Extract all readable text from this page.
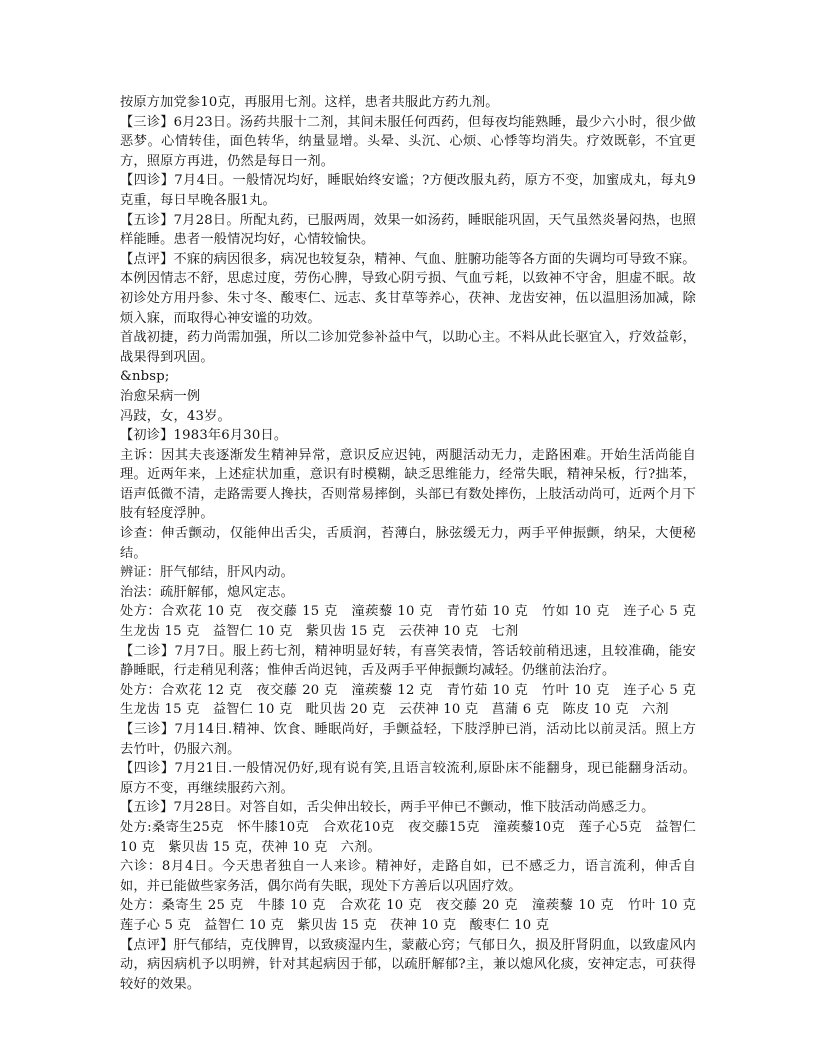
按原方加党参10克，再服用七剂。这样，患者共服此方药九剂。

【三诊】6月23日。汤药共服十二剂，其间未服任何西药，但每夜均能熟睡，最少六小时，很少做恶梦。心情转佳，面色转华，纳量显增。头晕、头沉、心烦、心悸等均消失。疗效既彰，不宜更方，照原方再进，仍然是每日一剂。

【四诊】7月4日。一般情况均好，睡眠始终安谧；?方便改服丸药，原方不变，加蜜成丸，每丸9克重，每日早晚各服1丸。

【五诊】7月28日。所配丸药，已服两周，效果一如汤药，睡眠能巩固，天气虽然炎暑闷热，也照样能睡。患者一般情况均好，心情较愉快。

【点评】不寐的病因很多，病况也较复杂，精神、气血、脏腑功能等各方面的失调均可导致不寐。

本例因情志不舒，思虑过度，劳伤心脾，导致心阴亏损、气血亏耗，以致神不守舍，胆虚不眠。故初诊处方用丹参、朱寸冬、酸枣仁、远志、炙甘草等养心，茯神、龙齿安神，伍以温胆汤加减，除烦入寐，而取得心神安谧的功效。

首战初捷，药力尚需加强，所以二诊加党参补益中气，以助心主。不料从此长驱宜入，疗效益彰，战果得到巩固。

&nbsp;

治愈呆病一例

冯跂，女，43岁。

【初诊】1983年6月30日。

主诉：因其夫丧逐渐发生精神异常，意识反应迟钝，两腿活动无力，走路困难。开始生活尚能自理。近两年来，上述症状加重，意识有时模糊，缺乏思维能力，经常失眠，精神呆板，行?拙苯，语声低微不清，走路需要人搀扶，否则常易摔倒，头部已有数处摔伤，上肢活动尚可，近两个月下肢有轻度浮肿。

诊查：伸舌颤动，仅能伸出舌尖，舌质润，苔薄白，脉弦缓无力，两手平伸振颤，纳呆，大便秘结。

辨证：肝气郁结，肝风内动。

治法：疏肝解郁，熄风定志。

处方：合欢花 10 克　夜交藤 15 克　潼蒺藜 10 克　青竹茹 10 克　竹如 10 克　连子心 5 克　生龙齿 15 克　益智仁 10 克　紫贝齿 15 克　云茯神 10 克　七剂

【二诊】7月7日。服上药七剂，精神明显好转，有喜笑表情，答话较前稍迅速，且较准确，能安静睡眠，行走稍见利落；惟伸舌尚迟钝，舌及两手平伸振颤均减轻。仍继前法治疗。

处方：合欢花 12 克　夜交藤 20 克　潼蒺藜 12 克　青竹茹 10 克　竹叶 10 克　连子心 5 克　生龙齿 15 克　益智仁 10 克　毗贝齿 20 克　云茯神 10 克　菖蒲 6 克　陈皮 10 克　六剂

【三诊】7月14日.精神、饮食、睡眠尚好，手颤益轻，下肢浮肿已消，活动比以前灵活。照上方去竹叶，仍服六剂。

【四诊】7月21日.一般情况仍好,现有说有笑,且语言较流利,原卧床不能翻身，现已能翻身活动。原方不变，再继续服药六剂。

【五诊】7月28日。对答自如，舌尖伸出较长，两手平伸已不颤动，惟下肢活动尚感乏力。

处方:桑寄生25克　怀牛膝10克　合欢花10克　夜交藤15克　潼蒺藜10克　莲子心5克　益智仁 10 克　紫贝齿 15 克，茯神 10 克　六剂。

六诊：8月4日。今天患者独自一人来诊。精神好，走路自如，已不感乏力，语言流利，伸舌自如，并已能做些家务活，偶尔尚有失眠，现处下方善后以巩固疗效。

处方：桑寄生 25 克　牛膝 10 克　合欢花 10 克　夜交藤 20 克　潼蒺藜 10 克　竹叶 10 克　莲子心 5 克　益智仁 10 克　紫贝齿 15 克　茯神 10 克　酸枣仁 10 克

【点评】肝气郁结，克伐脾胃，以致痰湿内生，蒙蔽心窍；气郁日久，损及肝肾阴血，以致虚风内动，病因病机予以明辨，针对其起病因于郁，以疏肝解郁?主，兼以熄风化痰，安神定志，可获得较好的效果。
